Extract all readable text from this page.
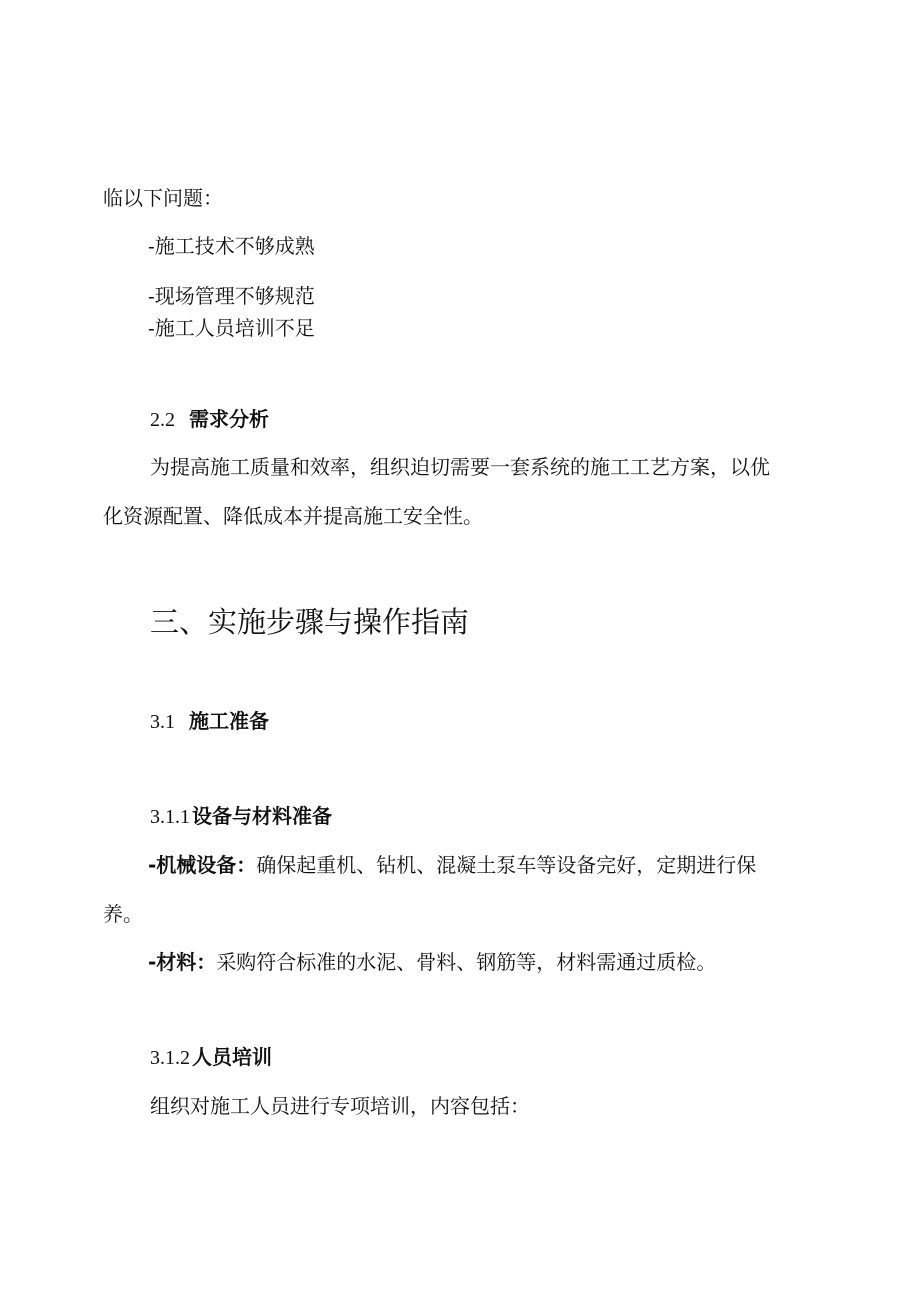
临以下问题：
-施工技术不够成熟
-现场管理不够规范
-施工人员培训不足
2.2 需求分析
为提高施工质量和效率，组织迫切需要一套系统的施工工艺方案，以优
化资源配置、降低成本并提高施工安全性。
三、实施步骤与操作指南
3.1 施工准备
3.1.1 设备与材料准备
-机械设备：确保起重机、钻机、混凝土泵车等设备完好，定期进行保
养。
-材料：采购符合标准的水泥、骨料、钢筋等，材料需通过质检。
3.1.2 人员培训
组织对施工人员进行专项培训，内容包括：
